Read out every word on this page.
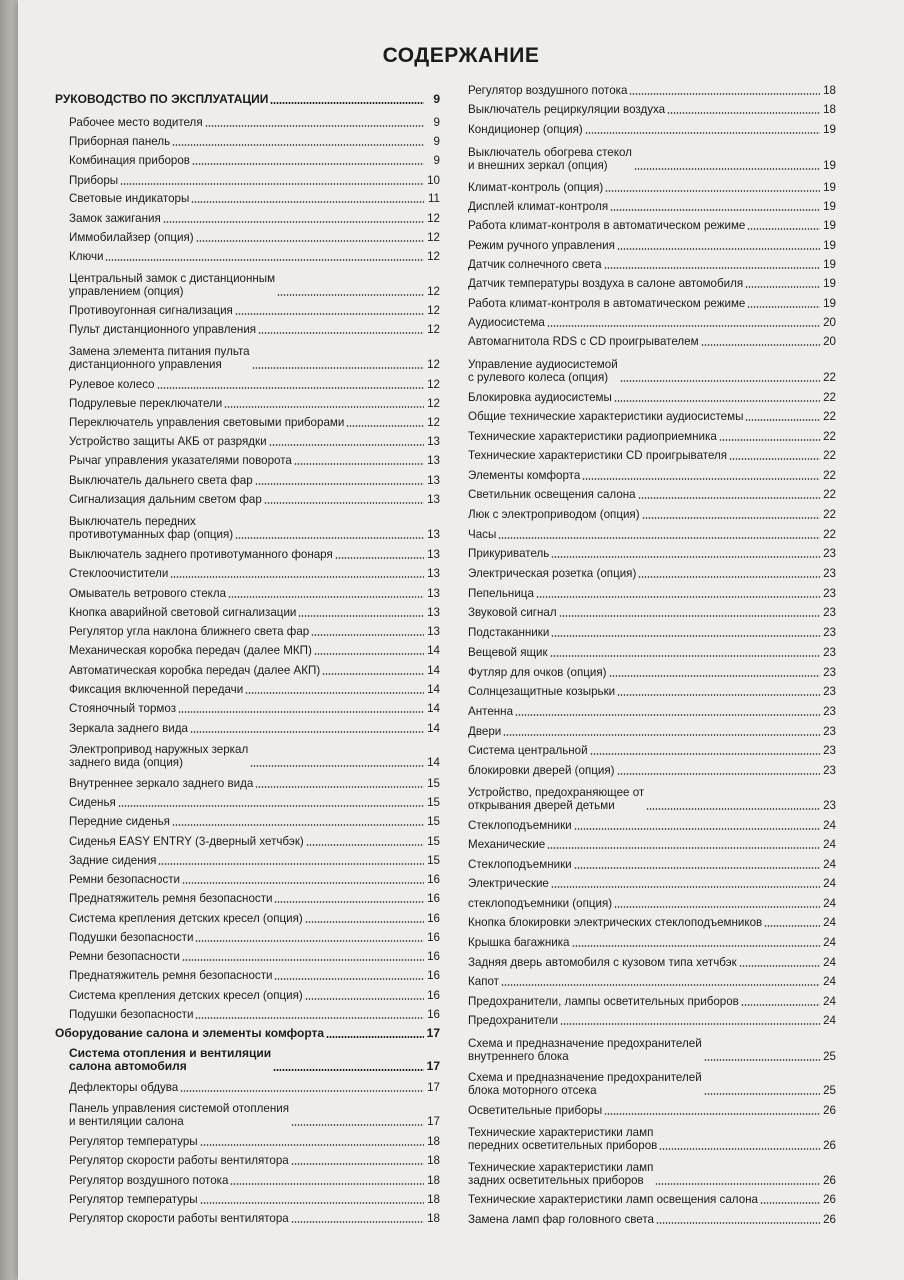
СОДЕРЖАНИЕ
РУКОВОДСТВО ПО ЭКСПЛУАТАЦИИ	9
Рабочее место водителя	9
Приборная панель	9
Комбинация приборов	9
Приборы	10
Световые индикаторы	11
Замок зажигания	12
Иммобилайзер (опция)	12
Ключи	12
Центральный замок с дистанционным
управлением (опция)	12
Противоугонная сигнализация	12
Пульт дистанционного управления	12
Замена элемента питания пульта
дистанционного управления	12
Рулевое колесо	12
Подрулевые переключатели	12
Переключатель управления световыми приборами	12
Устройство защиты АКБ от разрядки	13
Рычаг управления указателями поворота	13
Выключатель дальнего света фар	13
Сигнализация дальним светом фар	13
Выключатель передних
противотуманных фар (опция)	13
Выключатель заднего противотуманного фонаря	13
Стеклоочистители	13
Омыватель ветрового стекла	13
Кнопка аварийной световой сигнализации	13
Регулятор угла наклона ближнего света фар	13
Механическая коробка передач (далее МКП)	14
Автоматическая коробка передач (далее АКП)	14
Фиксация включенной передачи	14
Стояночный тормоз	14
Зеркала заднего вида	14
Электропривод наружных зеркал
заднего вида (опция)	14
Внутреннее зеркало заднего вида	15
Сиденья	15
Передние сиденья	15
Сиденья EASY ENTRY (3-дверный хетчбэк)	15
Задние сидения	15
Ремни безопасности	16
Преднатяжитель ремня безопасности	16
Система крепления детских кресел (опция)	16
Подушки безопасности	16
Ремни безопасности	16
Преднатяжитель ремня безопасности	16
Система крепления детских кресел (опция)	16
Подушки безопасности	16
Оборудование салона и элементы комфорта	17
Система отопления и вентиляции
салона автомобиля	17
Дефлекторы обдува	17
Панель управления системой отопления
и вентиляции салона	17
Регулятор температуры	18
Регулятор скорости работы вентилятора	18
Регулятор воздушного потока	18
Регулятор температуры	18
Регулятор скорости работы вентилятора	18
Регулятор воздушного потока	18
Выключатель рециркуляции воздуха	18
Кондиционер (опция)	19
Выключатель обогрева стекол
и внешних зеркал (опция)	19
Климат-контроль (опция)	19
Дисплей климат-контроля	19
Работа климат-контроля в автоматическом режиме	19
Режим ручного управления	19
Датчик солнечного света	19
Датчик температуры воздуха в салоне автомобиля	19
Работа климат-контроля в автоматическом режиме	19
Аудиосистема	20
Автомагнитола RDS с CD проигрывателем	20
Управление аудиосистемой
с рулевого колеса (опция)	22
Блокировка аудиосистемы	22
Общие технические характеристики аудиосистемы	22
Технические характеристики радиоприемника	22
Технические характеристики CD проигрывателя	22
Элементы комфорта	22
Светильник освещения салона	22
Люк с электроприводом (опция)	22
Часы	22
Прикуриватель	23
Электрическая розетка (опция)	23
Пепельница	23
Звуковой сигнал	23
Подстаканники	23
Вещевой ящик	23
Футляр для очков (опция)	23
Солнцезащитные козырьки	23
Антенна	23
Двери	23
Система центральной	23
блокировки дверей (опция)	23
Устройство, предохраняющее от
открывания дверей детьми	23
Стеклоподъемники	24
Механические	24
Стеклоподъемники	24
Электрические	24
стеклоподъемники (опция)	24
Кнопка блокировки электрических стеклоподъемников	24
Крышка багажника	24
Задняя дверь автомобиля с кузовом типа хетчбэк	24
Капот	24
Предохранители, лампы осветительных приборов	24
Предохранители	24
Схема и предназначение предохранителей
внутреннего блока	25
Схема и предназначение предохранителей
блока моторного отсека	25
Осветительные приборы	26
Технические характеристики ламп
передних осветительных приборов	26
Технические характеристики ламп
задних осветительных приборов	26
Технические характеристики ламп освещения салона	26
Замена ламп фар головного света	26
